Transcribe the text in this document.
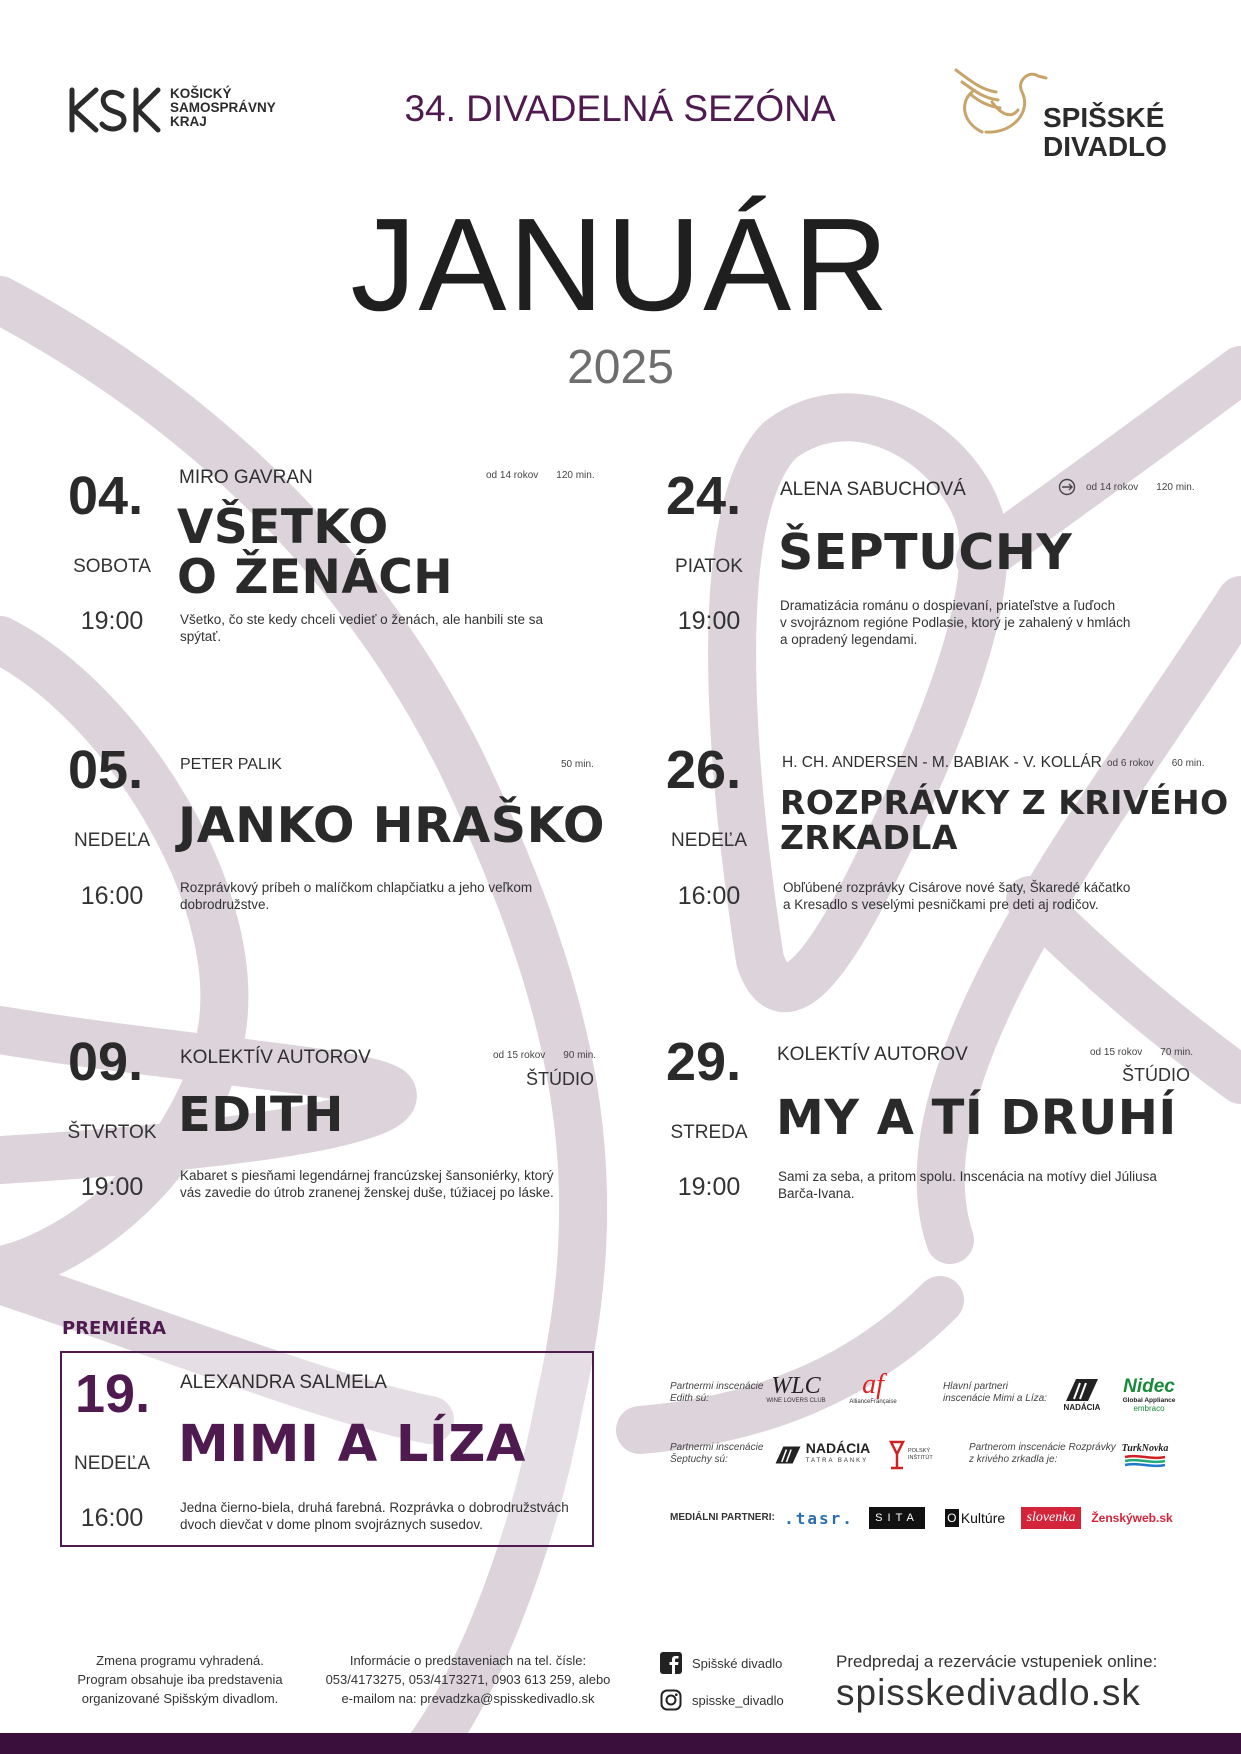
KOŠICKÝ
SAMOSPRÁVNY
KRAJ	34. DIVADELNÁ SEZÓNA	SPIŠSKÉ
DIVADLO
JANUÁR
2025
04.
SOBOTA
19:00
MIRO GAVRAN	od 14 rokov 120 min.
VŠETKO
O ŽENÁCH
Všetko, čo ste kedy chceli vedieť o ženách, ale hanbili ste sa
spýtať.
24.
PIATOK
19:00
ALENA SABUCHOVÁ	od 14 rokov 120 min.
ŠEPTUCHY
Dramatizácia románu o dospievaní, priateľstve a ľuďoch
v svojráznom regióne Podlasie, ktorý je zahalený v hmlách
a opradený legendami.
05.
NEDEĽA
16:00
PETER PALIK	50 min.
JANKO HRAŠKO
Rozprávkový príbeh o malíčkom chlapčiatku a jeho veľkom
dobrodružstve.
26.
NEDEĽA
16:00
H. CH. ANDERSEN - M. BABIAK - V. KOLLÁR od 6 rokov 60 min.
ROZPRÁVKY Z KRIVÉHO
ZRKADLA
Obľúbené rozprávky Cisárove nové šaty, Škaredé káčatko
a Kresadlo s veselými pesničkami pre deti aj rodičov.
09.
ŠTVRTOK
19:00
KOLEKTÍV AUTOROV	od 15 rokov 90 min.
ŠTÚDIO
EDITH
Kabaret s piesňami legendárnej francúzskej šansoniérky, ktorý
vás zavedie do útrob zranenej ženskej duše, túžiacej po láske.
29.
STREDA
19:00
KOLEKTÍV AUTOROV	od 15 rokov 70 min.
ŠTÚDIO
MY A TÍ DRUHÍ
Sami za seba, a pritom spolu. Inscenácia na motívy diel Júliusa
Barča-Ivana.
PREMIÉRA
19.
NEDEĽA
16:00
ALEXANDRA SALMELA
MIMI A LÍZA
Jedna čierno-biela, druhá farebná. Rozprávka o dobrodružstvách
dvoch dievčat v dome plnom svojráznych susedov.
Partnermi inscenácie
Edith sú:	WLC
WINE LOVERS CLUB
af
AllianceFrançaise
Hlavní partneri
inscenácie Mimi a Líza:
NADÁCIA
Nidec
Global Appliance
embraco
Partnermi inscenácie
Šeptuchy sú:
NADÁCIA
TATRA BANKY
POLSKÝ INŠTITÚT
Partnerom inscenácie Rozprávky
z krivého zrkadla je:
TurkNovka
MEDIÁLNI PARTNERI: .tasr.	SITA	O Kultúre	slovenka	Ženskýweb.sk
Zmena programu vyhradená.
Program obsahuje iba predstavenia
organizované Spišským divadlom.
Informácie o predstaveniach na tel. čísle:
053/4173275, 053/4173271, 0903 613 259, alebo
e-mailom na: prevadzka@spisskedivadlo.sk
Spišské divadlo
spisske_divadlo
Predpredaj a rezervácie vstupeniek online:
spisskedivadlo.sk
